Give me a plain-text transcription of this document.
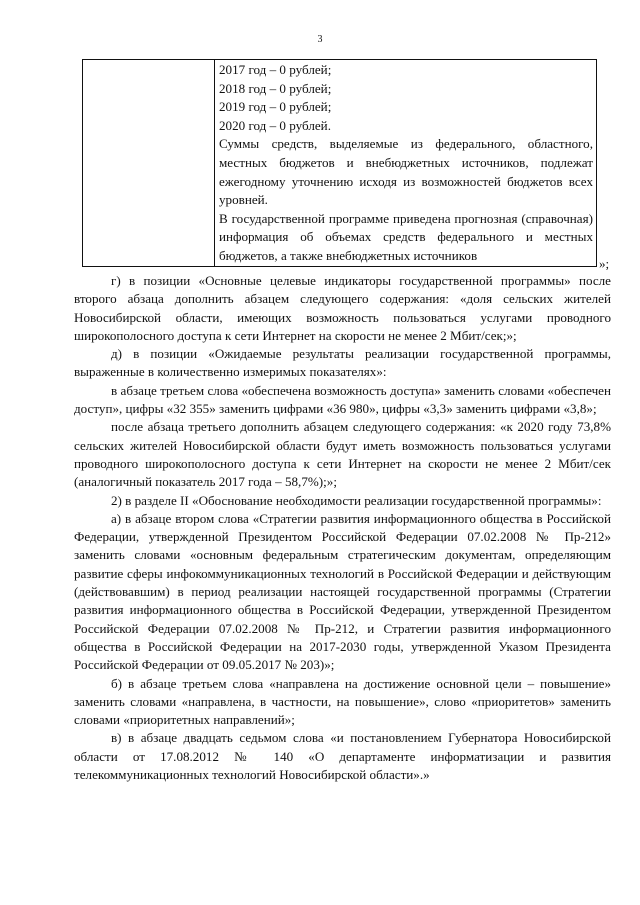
3

2017 год – 0 рублей;
2018 год – 0 рублей;
2019 год – 0 рублей;
2020 год – 0 рублей.
Суммы средств, выделяемые из федерального, областного, местных бюджетов и внебюджетных источников, подлежат ежегодному уточнению исходя из возможностей бюджетов всех уровней.
В государственной программе приведена прогнозная (справочная) информация об объемах средств федерального и местных бюджетов, а также внебюджетных источников
»;

г) в позиции «Основные целевые индикаторы государственной программы» после второго абзаца дополнить абзацем следующего содержания: «доля сельских жителей Новосибирской области, имеющих возможность пользоваться услугами проводного широкополосного доступа к сети Интернет на скорости не менее 2 Мбит/сек;»;

д) в позиции «Ожидаемые результаты реализации государственной программы, выраженные в количественно измеримых показателях»:

в абзаце третьем слова «обеспечена возможность доступа» заменить словами «обеспечен доступ», цифры «32 355» заменить цифрами «36 980», цифры «3,3» заменить цифрами «3,8»;

после абзаца третьего дополнить абзацем следующего содержания: «к 2020 году 73,8% сельских жителей Новосибирской области будут иметь возможность пользоваться услугами проводного широкополосного доступа к сети Интернет на скорости не менее 2 Мбит/сек (аналогичный показатель 2017 года – 58,7%);»;

2) в разделе II «Обоснование необходимости реализации государственной программы»:

а) в абзаце втором слова «Стратегии развития информационного общества в Российской Федерации, утвержденной Президентом Российской Федерации 07.02.2008 № Пр-212» заменить словами «основным федеральным стратегическим документам, определяющим развитие сферы инфокоммуникационных технологий в Российской Федерации и действующим (действовавшим) в период реализации настоящей государственной программы (Стратегии развития информационного общества в Российской Федерации, утвержденной Президентом Российской Федерации 07.02.2008 № Пр-212, и Стратегии развития информационного общества в Российской Федерации на 2017-2030 годы, утвержденной Указом Президента Российской Федерации от 09.05.2017 № 203)»;

б) в абзаце третьем слова «направлена на достижение основной цели – повышение» заменить словами «направлена, в частности, на повышение», слово «приоритетов» заменить словами «приоритетных направлений»;

в) в абзаце двадцать седьмом слова «и постановлением Губернатора Новосибирской области от 17.08.2012 № 140 «О департаменте информатизации и развития телекоммуникационных технологий Новосибирской области».»
